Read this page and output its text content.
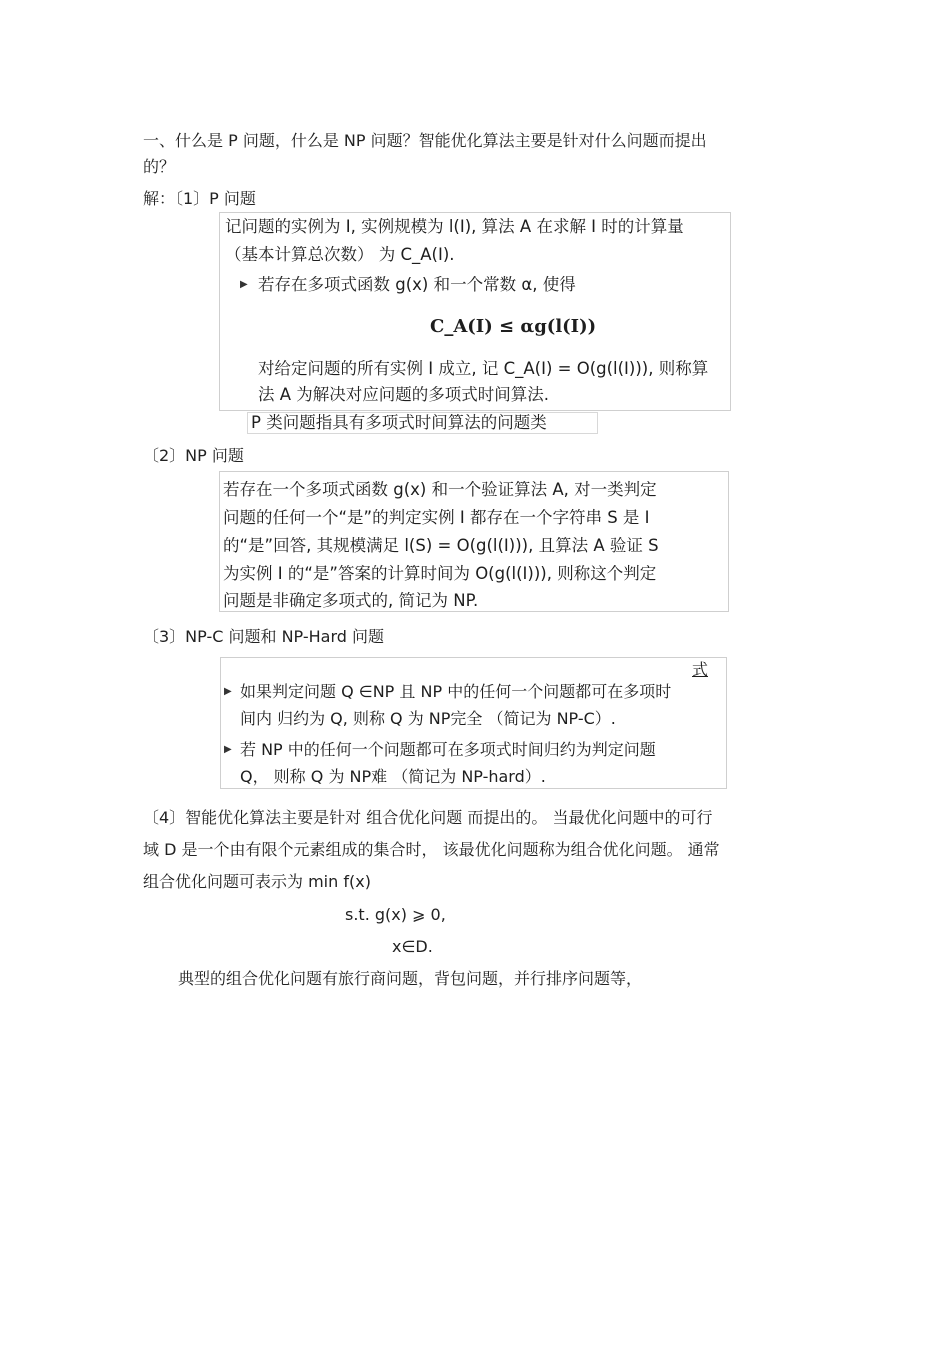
一、什么是 P 问题，什么是 NP 问题？智能优化算法主要是针对什么问题而提出
的？
解：〔1〕P 问题
记问题的实例为 I, 实例规模为 l(I), 算法 A 在求解 I 时的计算量
（基本计算总次数） 为 C_A(I).
▶ 若存在多项式函数 g(x) 和一个常数 α, 使得
C_A(I) ≤ αg(l(I))
对给定问题的所有实例 I 成立, 记 C_A(I) = O(g(l(I))), 则称算
法 A 为解决对应问题的多项式时间算法.
P 类问题指具有多项式时间算法的问题类
〔2〕NP 问题
若存在一个多项式函数 g(x) 和一个验证算法 A, 对一类判定
问题的任何一个“是”的判定实例 I 都存在一个字符串 S 是 I
的“是”回答, 其规模满足 l(S) = O(g(l(I))), 且算法 A 验证 S
为实例 I 的“是”答案的计算时间为 O(g(l(I))), 则称这个判定
问题是非确定多项式的, 简记为 NP.
〔3〕NP-C 问题和 NP-Hard 问题
式
▶ 如果判定问题 Q ∈NP 且 NP 中的任何一个问题都可在多项时
间内 归约为 Q, 则称 Q 为 NP完全 （简记为 NP-C）.
▶ 若 NP 中的任何一个问题都可在多项式时间归约为判定问题
Q， 则称 Q 为 NP难 （简记为 NP-hard）.
〔4〕智能优化算法主要是针对 组合优化问题 而提出的。 当最优化问题中的可行
域 D 是一个由有限个元素组成的集合时， 该最优化问题称为组合优化问题。 通常
组合优化问题可表示为 min f(x)
s.t. g(x) ⩾ 0,
x∈D.
典型的组合优化问题有旅行商问题，背包问题，并行排序问题等，
